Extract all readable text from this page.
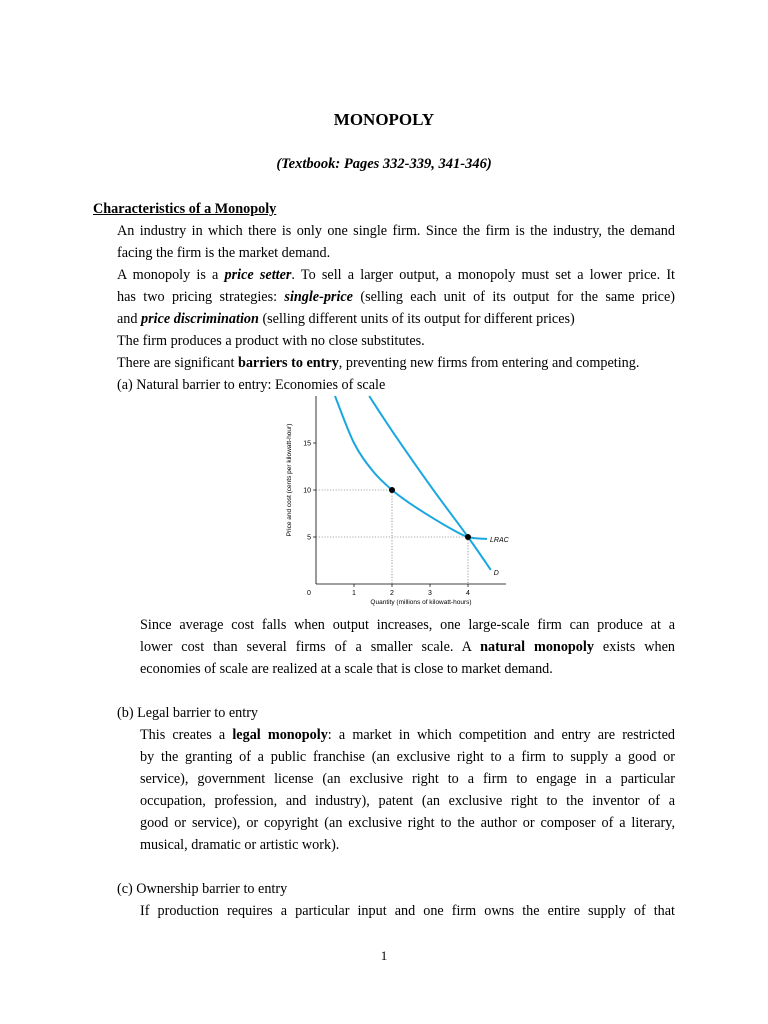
MONOPOLY
(Textbook: Pages 332-339, 341-346)
Characteristics of a Monopoly
An industry in which there is only one single firm. Since the firm is the industry, the demand
facing the firm is the market demand.
A monopoly is a price setter. To sell a larger output, a monopoly must set a lower price. It
has two pricing strategies: single-price (selling each unit of its output for the same price)
and price discrimination (selling different units of its output for different prices)
The firm produces a product with no close substitutes.
There are significant barriers to entry, preventing new firms from entering and competing.
(a) Natural barrier to entry: Economies of scale
0	1	2	3	4
5
10
15
Quantity (millions of kilowatt-hours)
Price and cost (cents per kilowatt-hour)
LRAC
D
Since average cost falls when output increases, one large-scale firm can produce at a
lower cost than several firms of a smaller scale. A natural monopoly exists when
economies of scale are realized at a scale that is close to market demand.
(b) Legal barrier to entry
This creates a legal monopoly: a market in which competition and entry are restricted
by the granting of a public franchise (an exclusive right to a firm to supply a good or
service), government license (an exclusive right to a firm to engage in a particular
occupation, profession, and industry), patent (an exclusive right to the inventor of a
good or service), or copyright (an exclusive right to the author or composer of a literary,
musical, dramatic or artistic work).
(c) Ownership barrier to entry
If production requires a particular input and one firm owns the entire supply of that
1
